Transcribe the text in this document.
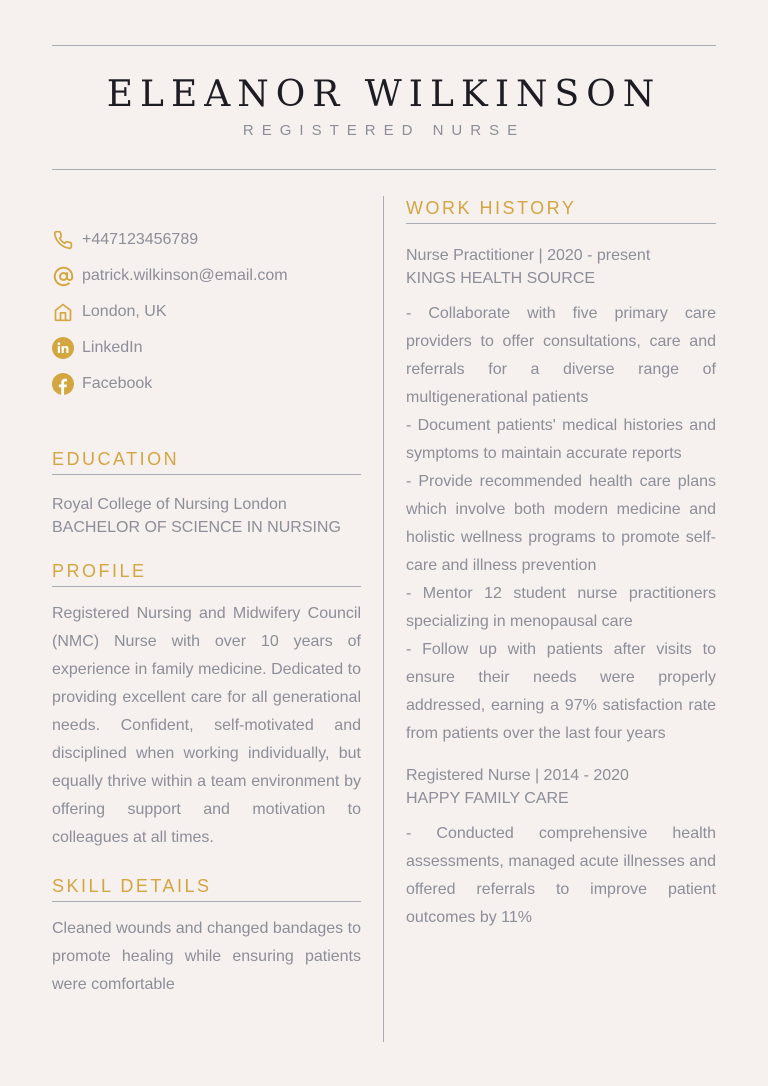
ELEANOR WILKINSON
REGISTERED NURSE
+447123456789
patrick.wilkinson@email.com
London, UK
LinkedIn
Facebook
EDUCATION
Royal College of Nursing London
BACHELOR OF SCIENCE IN NURSING
PROFILE
Registered Nursing and Midwifery Council (NMC) Nurse with over 10 years of experience in family medicine. Dedicated to providing excellent care for all generational needs. Confident, self-motivated and disciplined when working individually, but equally thrive within a team environment by offering support and motivation to colleagues at all times.
SKILL DETAILS
Cleaned wounds and changed bandages to promote healing while ensuring patients were comfortable
WORK HISTORY
Nurse Practitioner | 2020 - present
KINGS HEALTH SOURCE
- Collaborate with five primary care providers to offer consultations, care and referrals for a diverse range of multigenerational patients
- Document patients' medical histories and symptoms to maintain accurate reports
- Provide recommended health care plans which involve both modern medicine and holistic wellness programs to promote self-care and illness prevention
- Mentor 12 student nurse practitioners specializing in menopausal care
- Follow up with patients after visits to ensure their needs were properly addressed, earning a 97% satisfaction rate from patients over the last four years
Registered Nurse | 2014 - 2020
HAPPY FAMILY CARE
- Conducted comprehensive health assessments, managed acute illnesses and offered referrals to improve patient outcomes by 11%
